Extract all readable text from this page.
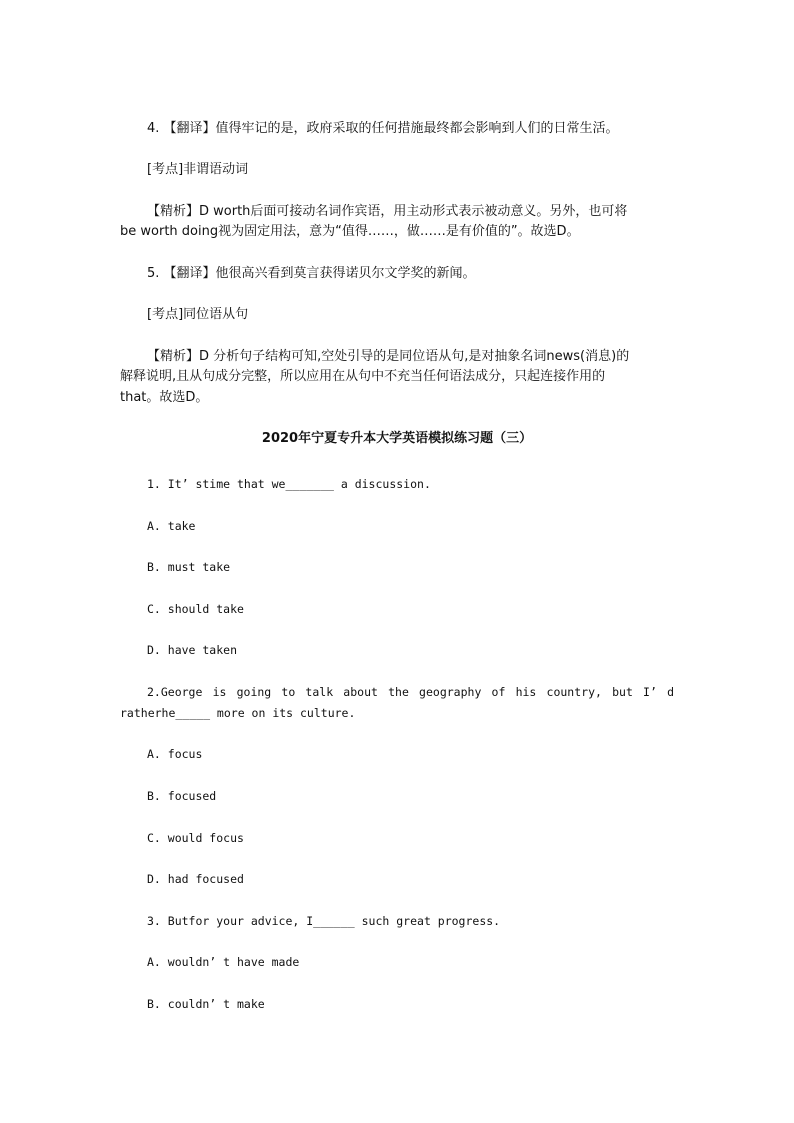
4. 【翻译】值得牢记的是，政府采取的任何措施最终都会影响到人们的日常生活。
[考点]非谓语动词
【精析】D worth后面可接动名词作宾语，用主动形式表示被动意义。另外，也可将
be worth doing视为固定用法，意为“值得……，做……是有价值的”。故选D。
5. 【翻译】他很高兴看到莫言获得诺贝尔文学奖的新闻。
[考点]同位语从句
【精析】D 分析句子结构可知,空处引导的是同位语从句,是对抽象名词news(消息)的
解释说明,且从句成分完整，所以应用在从句中不充当任何语法成分，只起连接作用的
that。故选D。
2020年宁夏专升本大学英语模拟练习题（三）
1. It’ stime that we_______ a discussion.
A. take
B. must take
C. should take
D. have taken
2.George is going to talk about the geography of his country, but I’ d
ratherhe_____ more on its culture.
A. focus
B. focused
C. would focus
D. had focused
3. Butfor your advice, I______ such great progress.
A. wouldn’ t have made
B. couldn’ t make
